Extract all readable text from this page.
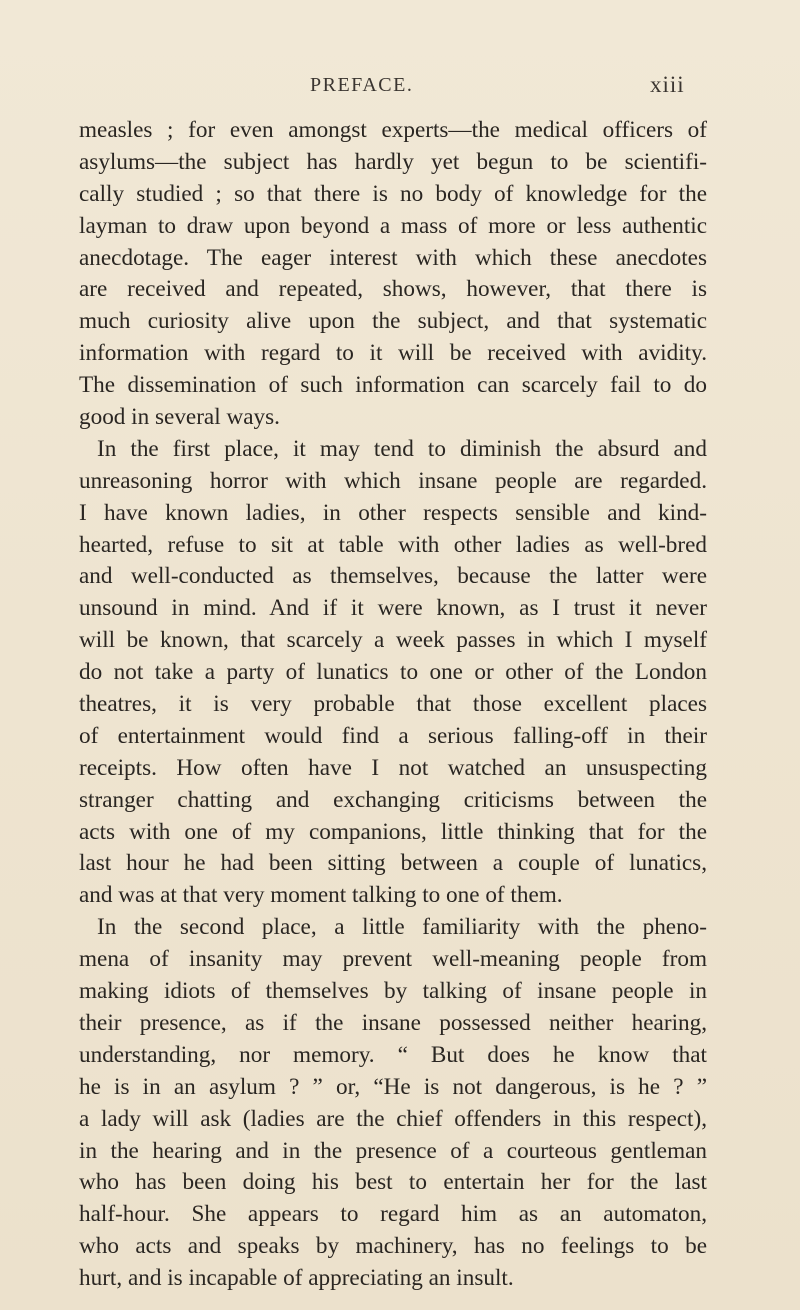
PREFACE.	xiii
measles ; for even amongst experts—the medical officers of
asylums—the subject has hardly yet begun to be scientifi-
cally studied ; so that there is no body of knowledge for the
layman to draw upon beyond a mass of more or less authentic
anecdotage. The eager interest with which these anecdotes
are received and repeated, shows, however, that there is
much curiosity alive upon the subject, and that systematic
information with regard to it will be received with avidity.
The dissemination of such information can scarcely fail to do
good in several ways.
In the first place, it may tend to diminish the absurd and
unreasoning horror with which insane people are regarded.
I have known ladies, in other respects sensible and kind-
hearted, refuse to sit at table with other ladies as well-bred
and well-conducted as themselves, because the latter were
unsound in mind. And if it were known, as I trust it never
will be known, that scarcely a week passes in which I myself
do not take a party of lunatics to one or other of the London
theatres, it is very probable that those excellent places
of entertainment would find a serious falling-off in their
receipts. How often have I not watched an unsuspecting
stranger chatting and exchanging criticisms between the
acts with one of my companions, little thinking that for the
last hour he had been sitting between a couple of lunatics,
and was at that very moment talking to one of them.
In the second place, a little familiarity with the pheno-
mena of insanity may prevent well-meaning people from
making idiots of themselves by talking of insane people in
their presence, as if the insane possessed neither hearing,
understanding, nor memory. “ But does he know that
he is in an asylum ? ” or, “He is not dangerous, is he ? ”
a lady will ask (ladies are the chief offenders in this respect),
in the hearing and in the presence of a courteous gentleman
who has been doing his best to entertain her for the last
half-hour. She appears to regard him as an automaton,
who acts and speaks by machinery, has no feelings to be
hurt, and is incapable of appreciating an insult.
